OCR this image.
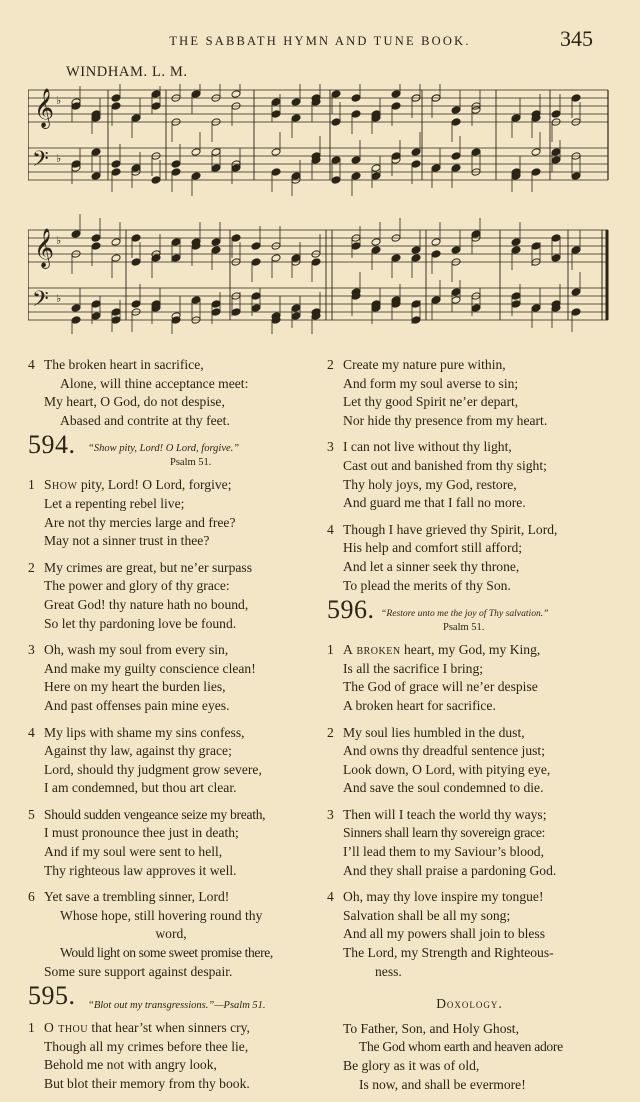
THE SABBATH HYMN AND TUNE BOOK.	345
WINDHAM. L. M.
𝄞
𝄢
♭
♭
𝄞
𝄢
♭
♭
4 The broken heart in sacrifice,
Alone, will thine acceptance meet:
My heart, O God, do not despise,
Abased and contrite at thy feet.
594. “Show pity, Lord! O Lord, forgive.”
Psalm 51.
1 Show pity, Lord! O Lord, forgive;
Let a repenting rebel live;
Are not thy mercies large and free?
May not a sinner trust in thee?
2 My crimes are great, but ne’er surpass
The power and glory of thy grace:
Great God! thy nature hath no bound,
So let thy pardoning love be found.
3 Oh, wash my soul from every sin,
And make my guilty conscience clean!
Here on my heart the burden lies,
And past offenses pain mine eyes.
4 My lips with shame my sins confess,
Against thy law, against thy grace;
Lord, should thy judgment grow severe,
I am condemned, but thou art clear.
5 Should sudden vengeance seize my breath,
I must pronounce thee just in death;
And if my soul were sent to hell,
Thy righteous law approves it well.
6 Yet save a trembling sinner, Lord!
Whose hope, still hovering round thy
word,
Would light on some sweet promise there,
Some sure support against despair.
595. “Blot out my transgressions.”—Psalm 51.
1 O thou that hear’st when sinners cry,
Though all my crimes before thee lie,
Behold me not with angry look,
But blot their memory from thy book.
2 Create my nature pure within,
And form my soul averse to sin;
Let thy good Spirit ne’er depart,
Nor hide thy presence from my heart.
3 I can not live without thy light,
Cast out and banished from thy sight;
Thy holy joys, my God, restore,
And guard me that I fall no more.
4 Though I have grieved thy Spirit, Lord,
His help and comfort still afford;
And let a sinner seek thy throne,
To plead the merits of thy Son.
596. “Restore unto me the joy of Thy salvation.”
Psalm 51.
1 A broken heart, my God, my King,
Is all the sacrifice I bring;
The God of grace will ne’er despise
A broken heart for sacrifice.
2 My soul lies humbled in the dust,
And owns thy dreadful sentence just;
Look down, O Lord, with pitying eye,
And save the soul condemned to die.
3 Then will I teach the world thy ways;
Sinners shall learn thy sovereign grace:
I’ll lead them to my Saviour’s blood,
And they shall praise a pardoning God.
4 Oh, may thy love inspire my tongue!
Salvation shall be all my song;
And all my powers shall join to bless
The Lord, my Strength and Righteous-
ness.
Doxology.
To Father, Son, and Holy Ghost,
The God whom earth and heaven adore
Be glory as it was of old,
Is now, and shall be evermore!
